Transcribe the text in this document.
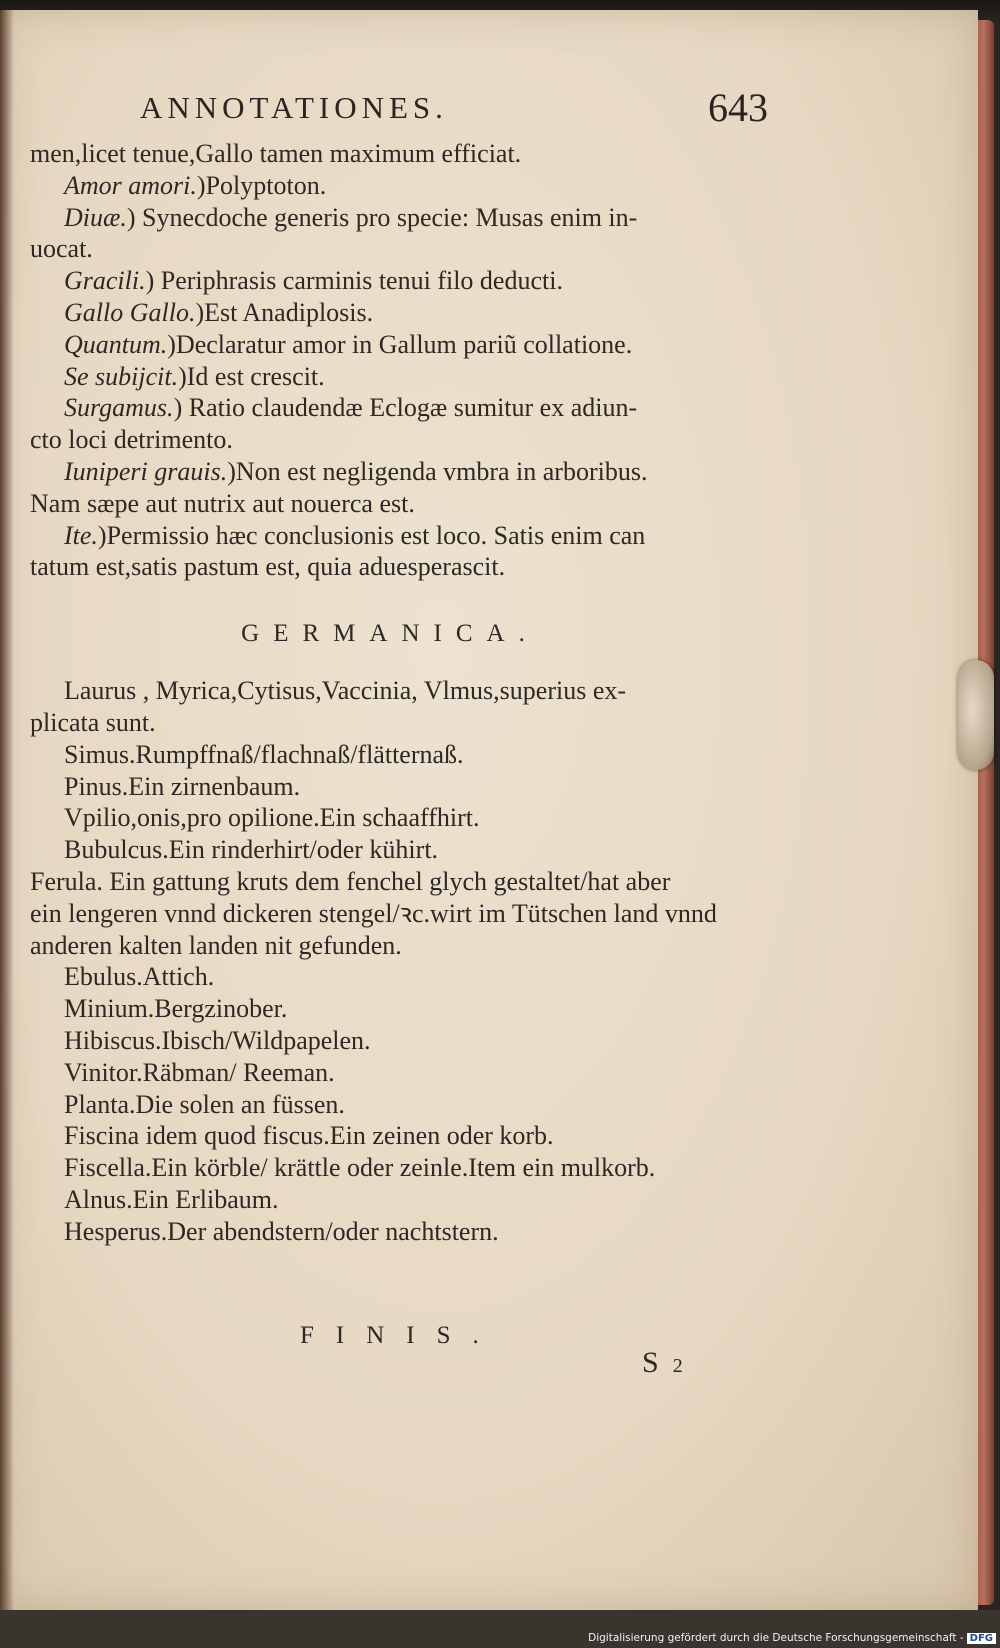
ANNOTATIONES.	643
men,licet tenue,Gallo tamen maximum efficiat.
Amor amori.)Polyptoton.
Diuæ.) Synecdoche generis pro specie: Musas enim in-
uocat.
Gracili.) Periphrasis carminis tenui filo deducti.
Gallo Gallo.)Est Anadiplosis.
Quantum.)Declaratur amor in Gallum pariũ collatione.
Se subijcit.)Id est crescit.
Surgamus.) Ratio claudendæ Eclogæ sumitur ex adiun-
cto loci detrimento.
Iuniperi grauis.)Non est negligenda vmbra in arboribus.
Nam sæpe aut nutrix aut nouerca est.
Ite.)Permissio hæc conclusionis est loco. Satis enim can
tatum est,satis pastum est, quia aduesperascit.
GERMANICA.
Laurus , Myrica,Cytisus,Vaccinia, Vlmus,superius ex-
plicata sunt.
Simus.Rumpffnaß/flachnaß/flätternaß.
Pinus.Ein zirnenbaum.
Vpilio,onis,pro opilione.Ein schaaffhirt.
Bubulcus.Ein rinderhirt/oder kühirt.
Ferula. Ein gattung kruts dem fenchel glych gestaltet/hat aber
ein lengeren vnnd dickeren stengel/ꝛc.wirt im Tütschen land vnnd
anderen kalten landen nit gefunden.
Ebulus.Attich.
Minium.Bergzinober.
Hibiscus.Ibisch/Wildpapelen.
Vinitor.Räbman/ Reeman.
Planta.Die solen an füssen.
Fiscina idem quod fiscus.Ein zeinen oder korb.
Fiscella.Ein körble/ krättle oder zeinle.Item ein mulkorb.
Alnus.Ein Erlibaum.
Hesperus.Der abendstern/oder nachtstern.
FINIS.
S 2
Digitalisierung gefördert durch die Deutsche Forschungsgemeinschaft - DFG
